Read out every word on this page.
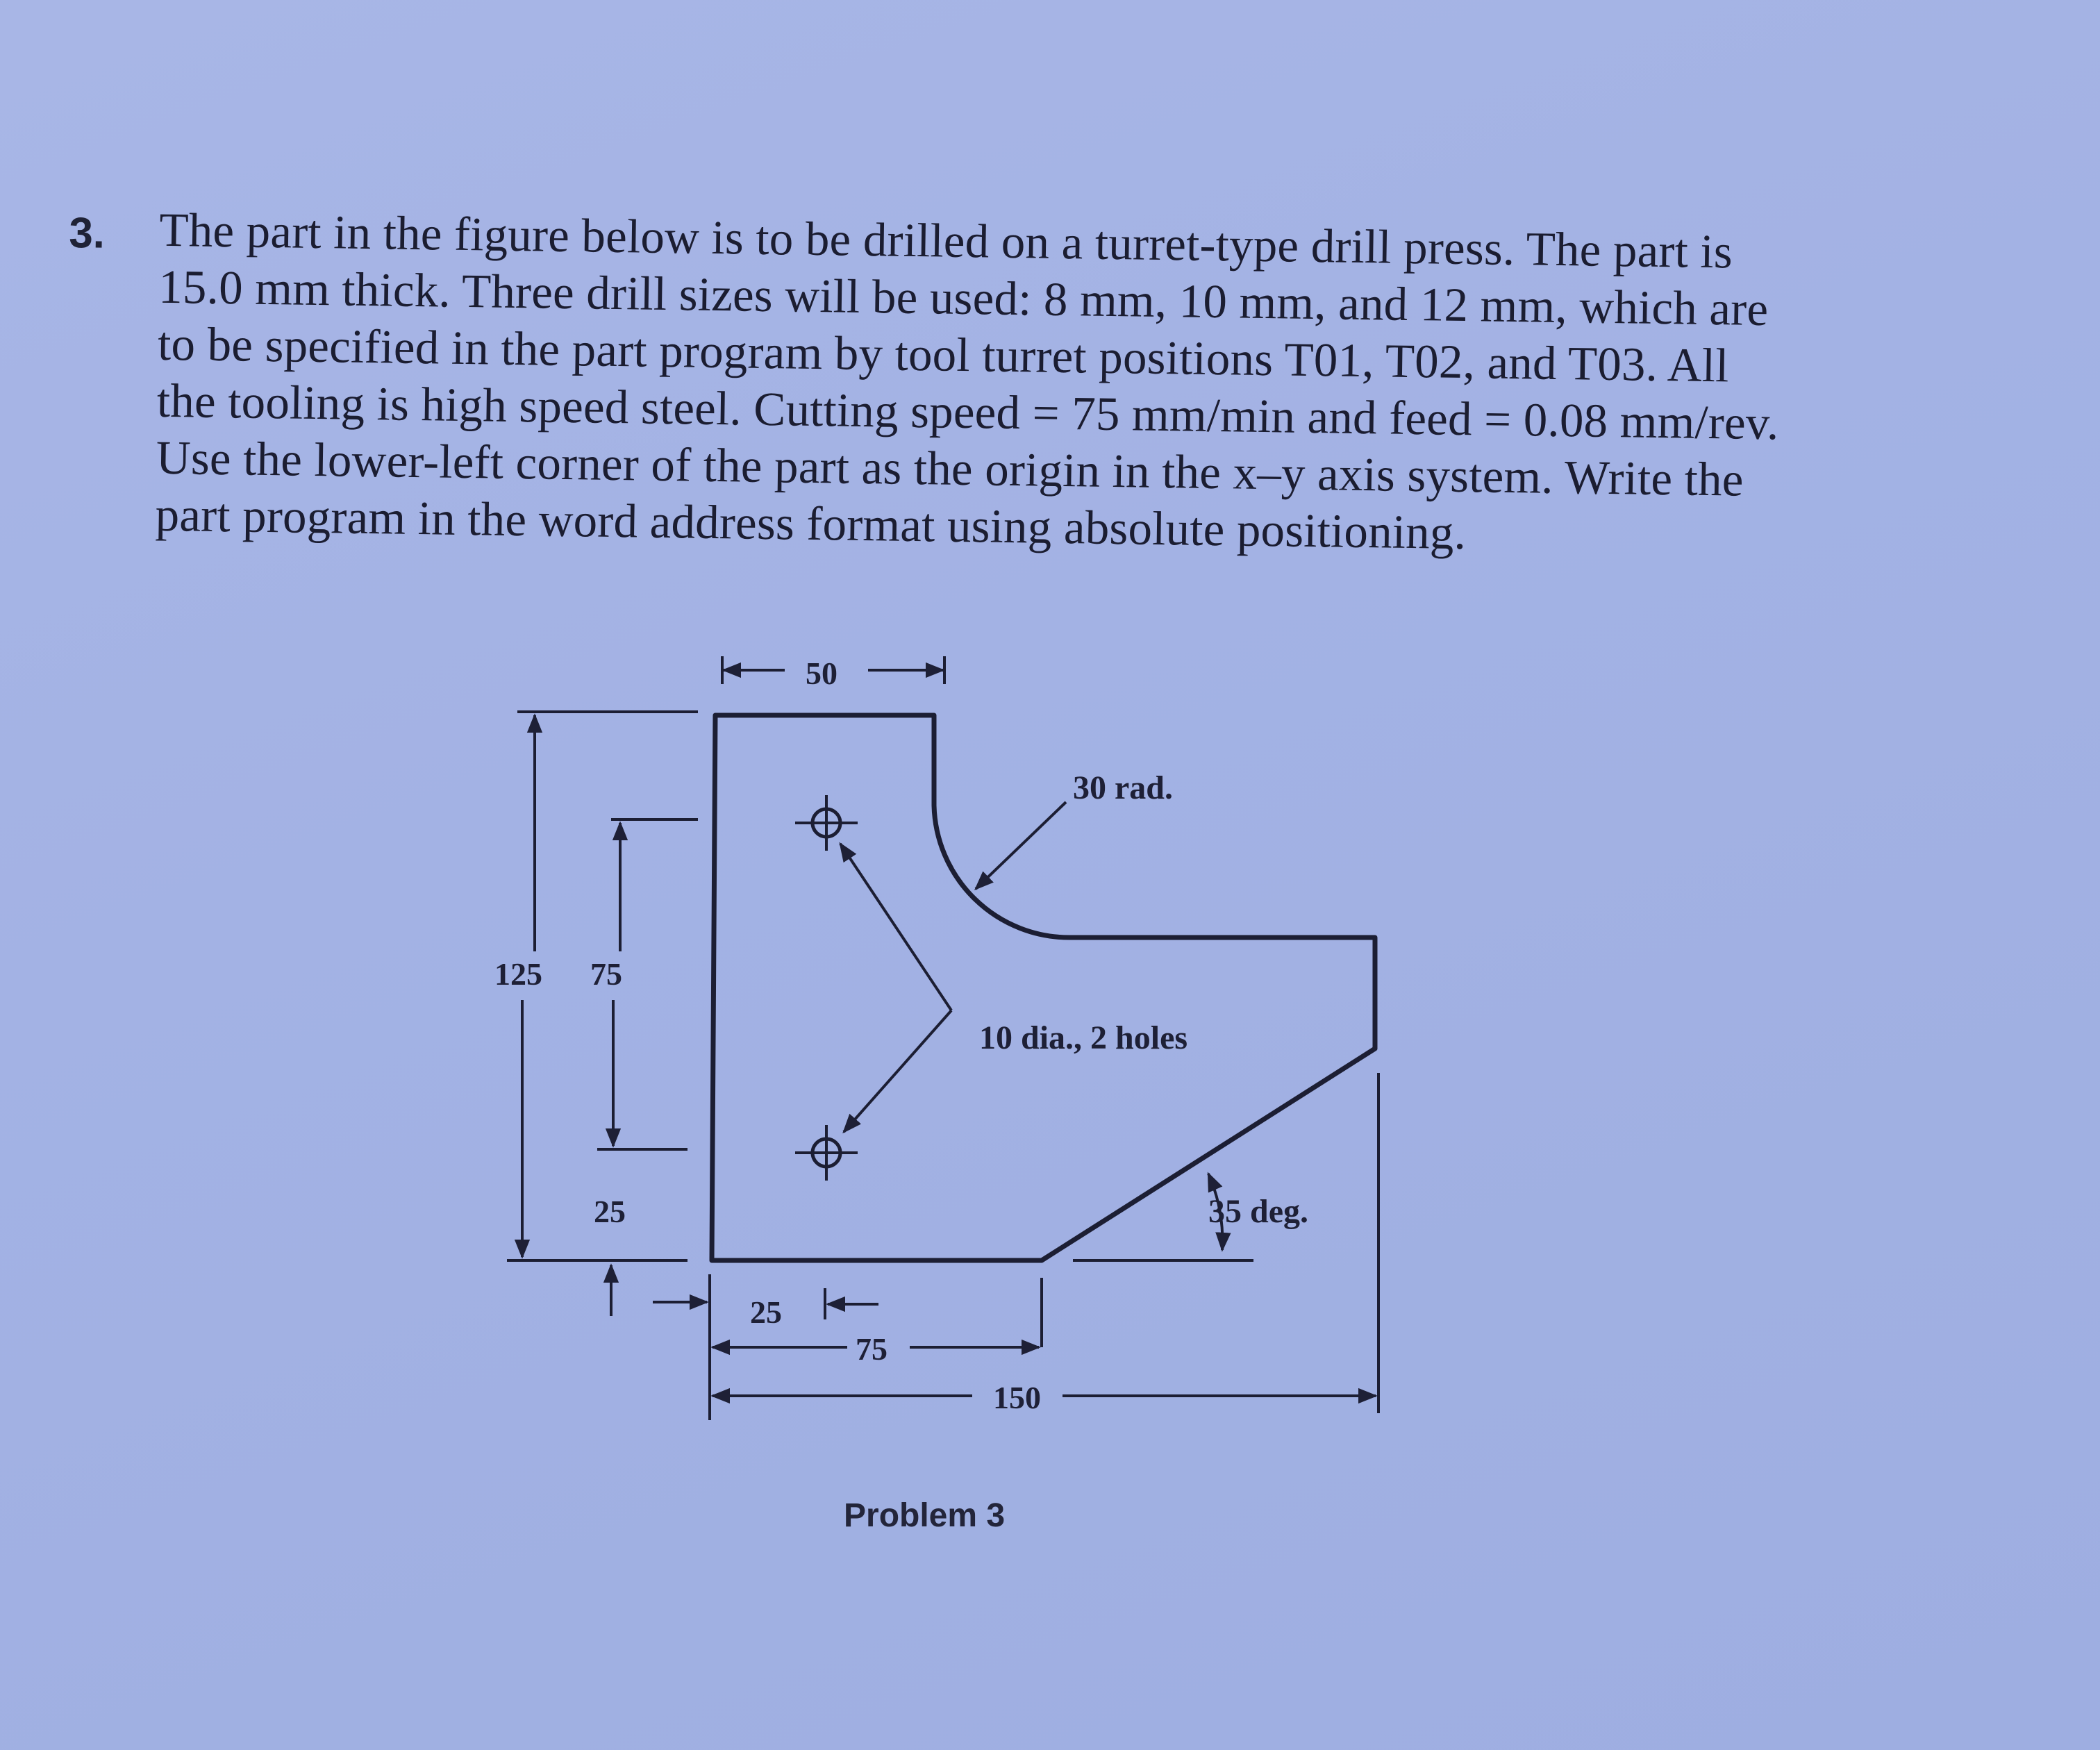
3. The part in the figure below is to be drilled on a turret-type drill press. The part is
15.0 mm thick. Three drill sizes will be used: 8 mm, 10 mm, and 12 mm, which are
to be specified in the part program by tool turret positions T01, T02, and T03. All
the tooling is high speed steel. Cutting speed = 75 mm/min and feed = 0.08 mm/rev.
Use the lower-left corner of the part as the origin in the x–y axis system. Write the
part program in the word address format using absolute positioning.
10 dia., 2 holes
30 rad.
50
125 75
25
25
75
150
35 deg.
Problem 3
